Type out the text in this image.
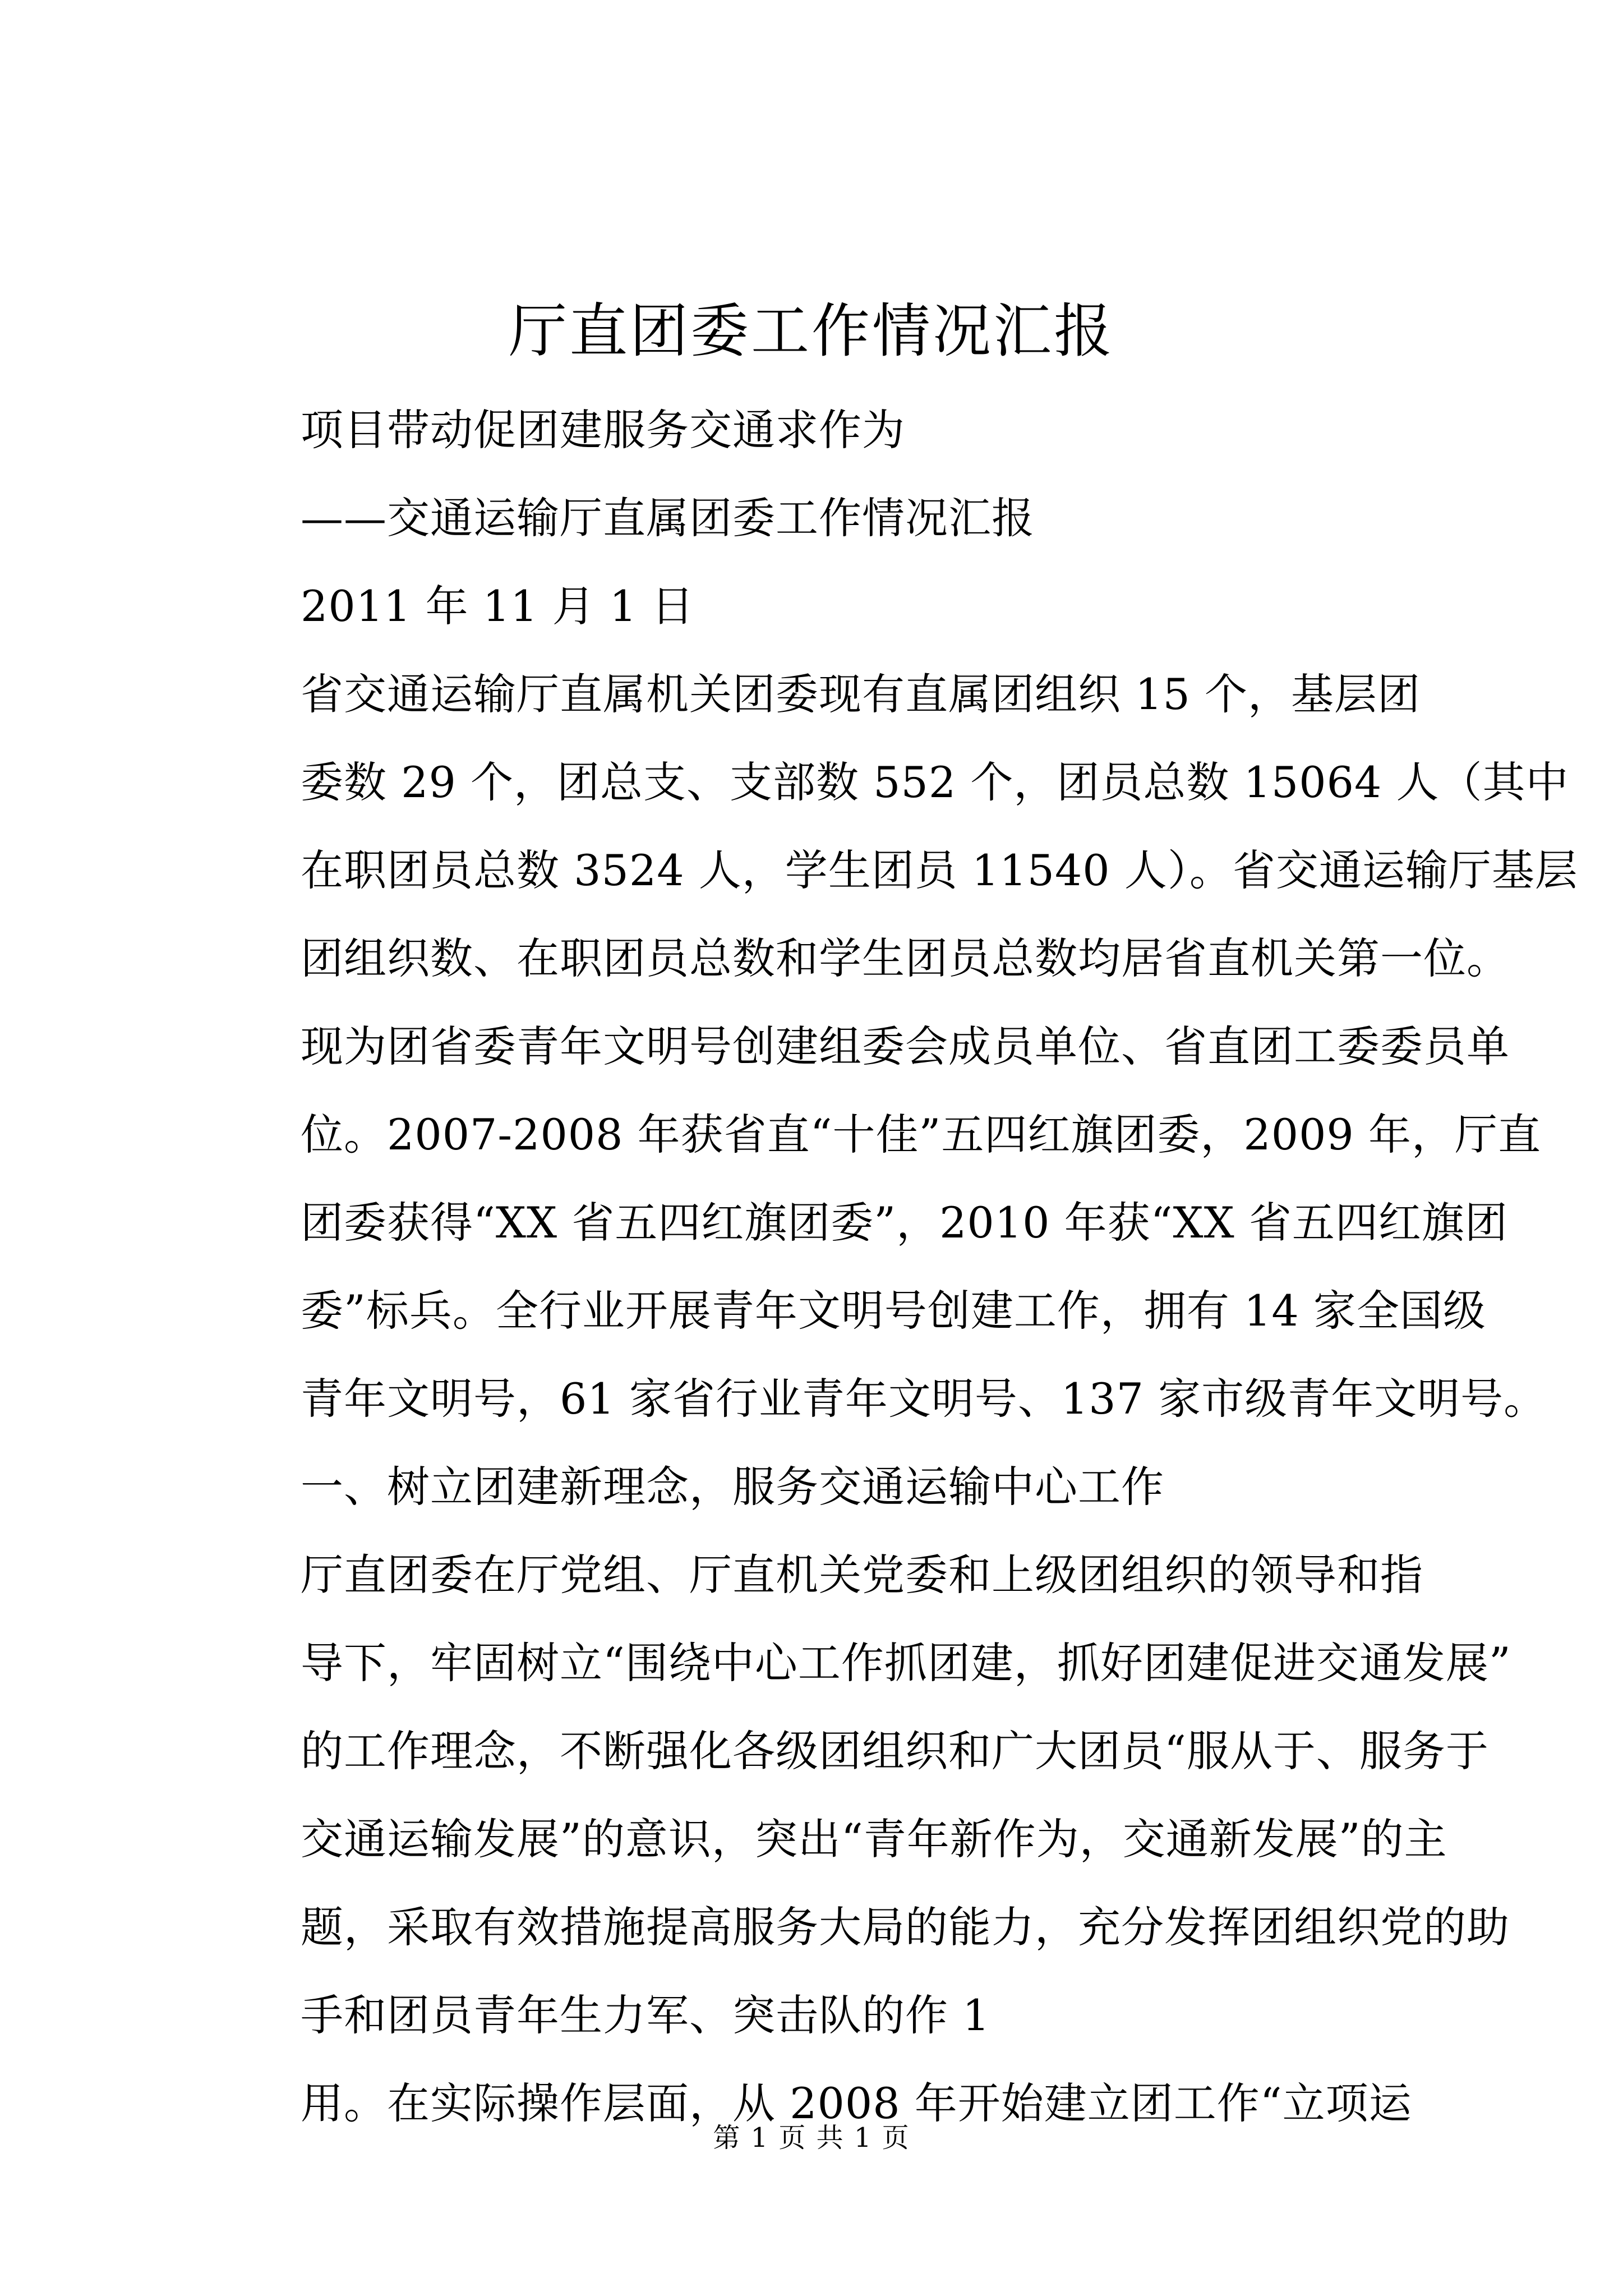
厅直团委工作情况汇报
项目带动促团建服务交通求作为
——交通运输厅直属团委工作情况汇报
2011 年 11 月 1 日
省交通运输厅直属机关团委现有直属团组织 15 个，基层团
委数 29 个，团总支、支部数 552 个，团员总数 15064 人（其中
在职团员总数 3524 人，学生团员 11540 人）。省交通运输厅基层
团组织数、在职团员总数和学生团员总数均居省直机关第一位。
现为团省委青年文明号创建组委会成员单位、省直团工委委员单
位。2007-2008 年获省直“十佳”五四红旗团委，2009 年，厅直
团委获得“XX 省五四红旗团委”，2010 年获“XX 省五四红旗团
委”标兵。全行业开展青年文明号创建工作，拥有 14 家全国级
青年文明号，61 家省行业青年文明号、137 家市级青年文明号。
一、树立团建新理念，服务交通运输中心工作
厅直团委在厅党组、厅直机关党委和上级团组织的领导和指
导下，牢固树立“围绕中心工作抓团建，抓好团建促进交通发展”
的工作理念，不断强化各级团组织和广大团员“服从于、服务于
交通运输发展”的意识，突出“青年新作为，交通新发展”的主
题，采取有效措施提高服务大局的能力，充分发挥团组织党的助
手和团员青年生力军、突击队的作 1
用。在实际操作层面，从 2008 年开始建立团工作“立项运
第 1 页 共 1 页
